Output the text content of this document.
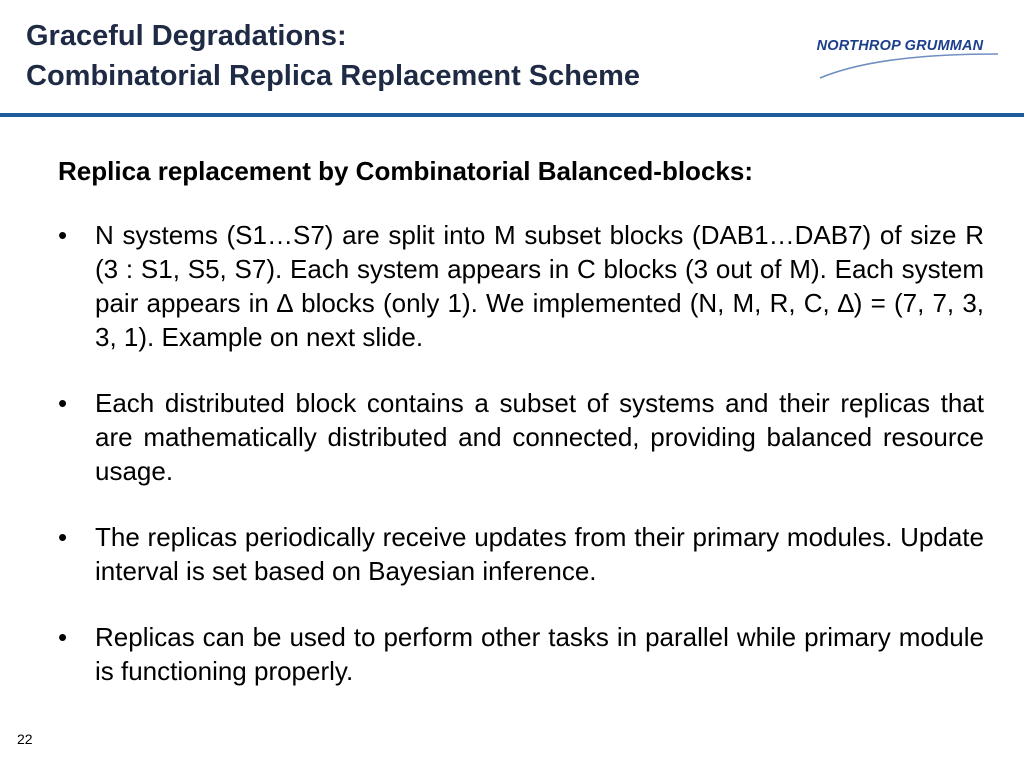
Graceful Degradations:
Combinatorial Replica Replacement Scheme
NORTHROP GRUMMAN
Replica replacement by Combinatorial Balanced-blocks:
• N systems (S1…S7) are split into M subset blocks (DAB1…DAB7) of size R (3 : S1, S5, S7). Each system appears in C blocks (3 out of M). Each system pair appears in ∆ blocks (only 1). We implemented (N, M, R, C, ∆) = (7, 7, 3, 3, 1). Example on next slide.
• Each distributed block contains a subset of systems and their replicas that are mathematically distributed and connected, providing balanced resource usage.
• The replicas periodically receive updates from their primary modules. Update interval is set based on Bayesian inference.
• Replicas can be used to perform other tasks in parallel while primary module is functioning properly.
22
